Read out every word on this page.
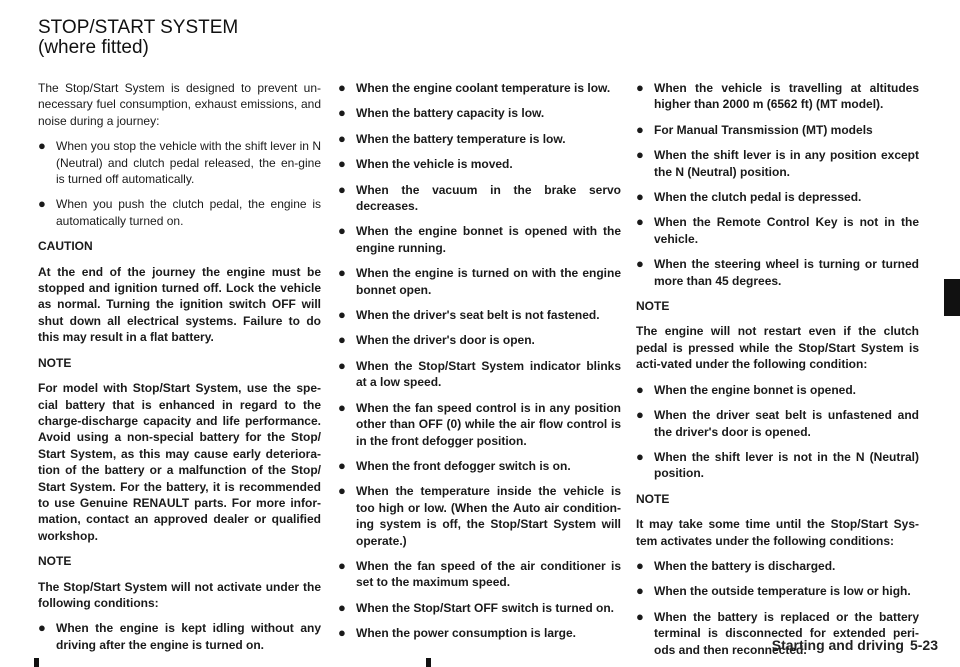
STOP/START SYSTEM
(where fitted)

The Stop/Start System is designed to prevent un-necessary fuel consumption, exhaust emissions, and noise during a journey:

● When you stop the vehicle with the shift lever in N (Neutral) and clutch pedal released, the en-gine is turned off automatically.
● When you push the clutch pedal, the engine is automatically turned on.

CAUTION

At the end of the journey the engine must be stopped and ignition turned off. Lock the vehicle as normal. Turning the ignition switch OFF will shut down all electrical systems. Failure to do this may result in a flat battery.

NOTE

For model with Stop/Start System, use the spe-cial battery that is enhanced in regard to the charge-discharge capacity and life performance. Avoid using a non-special battery for the Stop/ Start System, as this may cause early deteriora-tion of the battery or a malfunction of the Stop/ Start System. For the battery, it is recommended to use Genuine RENAULT parts. For more infor-mation, contact an approved dealer or qualified workshop.

NOTE

The Stop/Start System will not activate under the following conditions:

● When the engine is kept idling without any driving after the engine is turned on.
● When the engine coolant temperature is low.
● When the battery capacity is low.
● When the battery temperature is low.
● When the vehicle is moved.
● When the vacuum in the brake servo decreases.
● When the engine bonnet is opened with the engine running.
● When the engine is turned on with the engine bonnet open.
● When the driver's seat belt is not fastened.
● When the driver's door is open.
● When the Stop/Start System indicator blinks at a low speed.
● When the fan speed control is in any position other than OFF (0) while the air flow control is in the front defogger position.
● When the front defogger switch is on.
● When the temperature inside the vehicle is too high or low. (When the Auto air condition-ing system is off, the Stop/Start System will operate.)
● When the fan speed of the air conditioner is set to the maximum speed.
● When the Stop/Start OFF switch is turned on.
● When the power consumption is large.
● When the vehicle is travelling at altitudes higher than 2000 m (6562 ft) (MT model).
● For Manual Transmission (MT) models
● When the shift lever is in any position except the N (Neutral) position.
● When the clutch pedal is depressed.
● When the Remote Control Key is not in the vehicle.
● When the steering wheel is turning or turned more than 45 degrees.

NOTE

The engine will not restart even if the clutch pedal is pressed while the Stop/Start System is acti-vated under the following condition:

● When the engine bonnet is opened.
● When the driver seat belt is unfastened and the driver's door is opened.
● When the shift lever is not in the N (Neutral) position.

NOTE

It may take some time until the Stop/Start Sys-tem activates under the following conditions:

● When the battery is discharged.
● When the outside temperature is low or high.
● When the battery is replaced or the battery terminal is disconnected for extended peri-ods and then reconnected.
Starting and driving 5-23
